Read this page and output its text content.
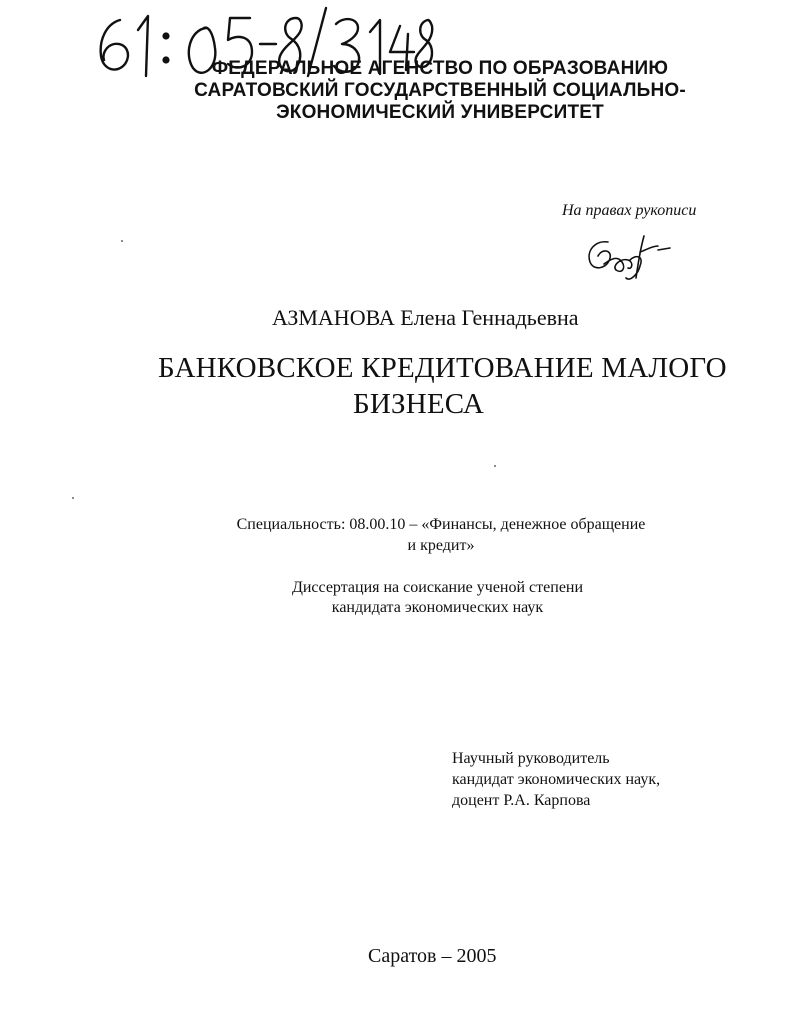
ФЕДЕРАЛЬНОЕ АГЕНСТВО ПО ОБРАЗОВАНИЮ
САРАТОВСКИЙ ГОСУДАРСТВЕННЫЙ СОЦИАЛЬНО-
ЭКОНОМИЧЕСКИЙ УНИВЕРСИТЕТ
На правах рукописи
АЗМАНОВА Елена Геннадьевна
БАНКОВСКОЕ КРЕДИТОВАНИЕ МАЛОГО
БИЗНЕСА
Специальность: 08.00.10 – «Финансы, денежное обращение
и кредит»
Диссертация на соискание ученой степени
кандидата экономических наук
Научный руководитель
кандидат экономических наук,
доцент Р.А. Карпова
Саратов – 2005
